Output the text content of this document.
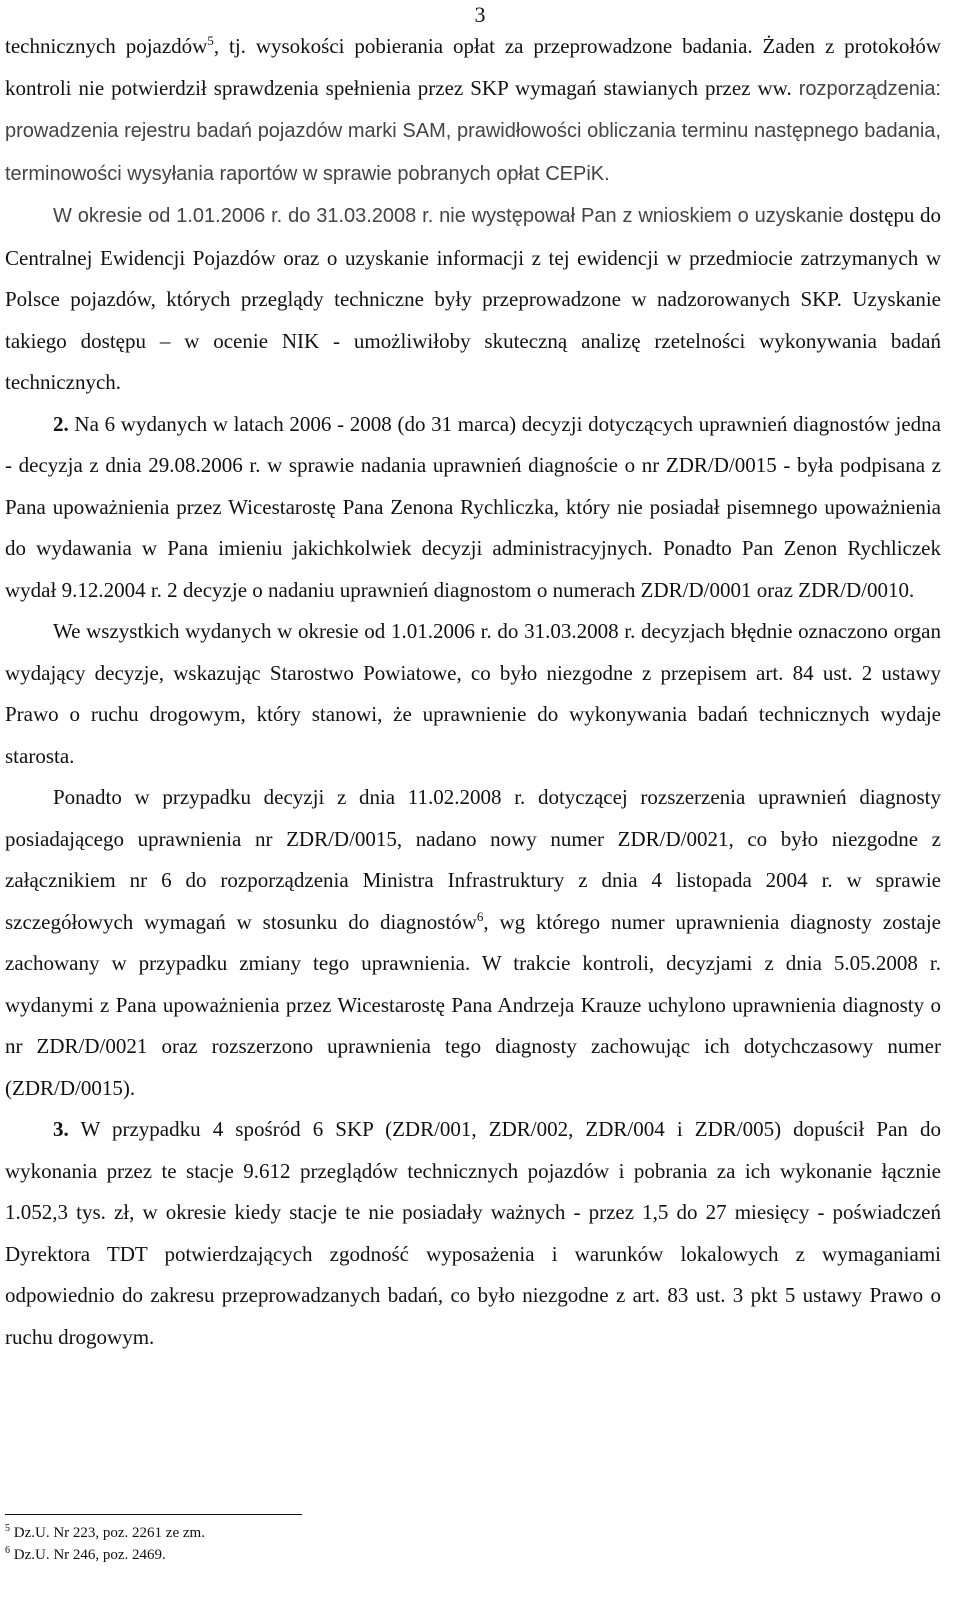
3

technicznych pojazdów$^5$, tj. wysokości pobierania opłat za przeprowadzone badania. Żaden z protokołów kontroli nie potwierdził sprawdzenia spełnienia przez SKP wymagań stawianych przez ww. rozporządzenia: prowadzenia rejestru badań pojazdów marki SAM, prawidłowości obliczania terminu następnego badania, terminowości wysyłania raportów w sprawie pobranych opłat CEPiK.

W okresie od 1.01.2006 r. do 31.03.2008 r. nie występował Pan z wnioskiem o uzyskanie dostępu do Centralnej Ewidencji Pojazdów oraz o uzyskanie informacji z tej ewidencji w przedmiocie zatrzymanych w Polsce pojazdów, których przeglądy techniczne były przeprowadzone w nadzorowanych SKP. Uzyskanie takiego dostępu – w ocenie NIK - umożliwiłoby skuteczną analizę rzetelności wykonywania badań technicznych.

2. Na 6 wydanych w latach 2006 - 2008 (do 31 marca) decyzji dotyczących uprawnień diagnostów jedna - decyzja z dnia 29.08.2006 r. w sprawie nadania uprawnień diagnoście o nr ZDR/D/0015 - była podpisana z Pana upoważnienia przez Wicestarostę Pana Zenona Rychliczka, który nie posiadał pisemnego upoważnienia do wydawania w Pana imieniu jakichkolwiek decyzji administracyjnych. Ponadto Pan Zenon Rychliczek wydał 9.12.2004 r. 2 decyzje o nadaniu uprawnień diagnostom o numerach ZDR/D/0001 oraz ZDR/D/0010.

We wszystkich wydanych w okresie od 1.01.2006 r. do 31.03.2008 r. decyzjach błędnie oznaczono organ wydający decyzje, wskazując Starostwo Powiatowe, co było niezgodne z przepisem art. 84 ust. 2 ustawy Prawo o ruchu drogowym, który stanowi, że uprawnienie do wykonywania badań technicznych wydaje starosta.

Ponadto w przypadku decyzji z dnia 11.02.2008 r. dotyczącej rozszerzenia uprawnień diagnosty posiadającego uprawnienia nr ZDR/D/0015, nadano nowy numer ZDR/D/0021, co było niezgodne z załącznikiem nr 6 do rozporządzenia Ministra Infrastruktury z dnia 4 listopada 2004 r. w sprawie szczegółowych wymagań w stosunku do diagnostów$^6$, wg którego numer uprawnienia diagnosty zostaje zachowany w przypadku zmiany tego uprawnienia. W trakcie kontroli, decyzjami z dnia 5.05.2008 r. wydanymi z Pana upoważnienia przez Wicestarostę Pana Andrzeja Krauze uchylono uprawnienia diagnosty o nr ZDR/D/0021 oraz rozszerzono uprawnienia tego diagnosty zachowując ich dotychczasowy numer (ZDR/D/0015).

3. W przypadku 4 spośród 6 SKP (ZDR/001, ZDR/002, ZDR/004 i ZDR/005) dopuścił Pan do wykonania przez te stacje 9.612 przeglądów technicznych pojazdów i pobrania za ich wykonanie łącznie 1.052,3 tys. zł, w okresie kiedy stacje te nie posiadały ważnych - przez 1,5 do 27 miesięcy - poświadczeń Dyrektora TDT potwierdzających zgodność wyposażenia i warunków lokalowych z wymaganiami odpowiednio do zakresu przeprowadzanych badań, co było niezgodne z art. 83 ust. 3 pkt 5 ustawy Prawo o ruchu drogowym.

$^5$ Dz.U. Nr 223, poz. 2261 ze zm.
$^6$ Dz.U. Nr 246, poz. 2469.
